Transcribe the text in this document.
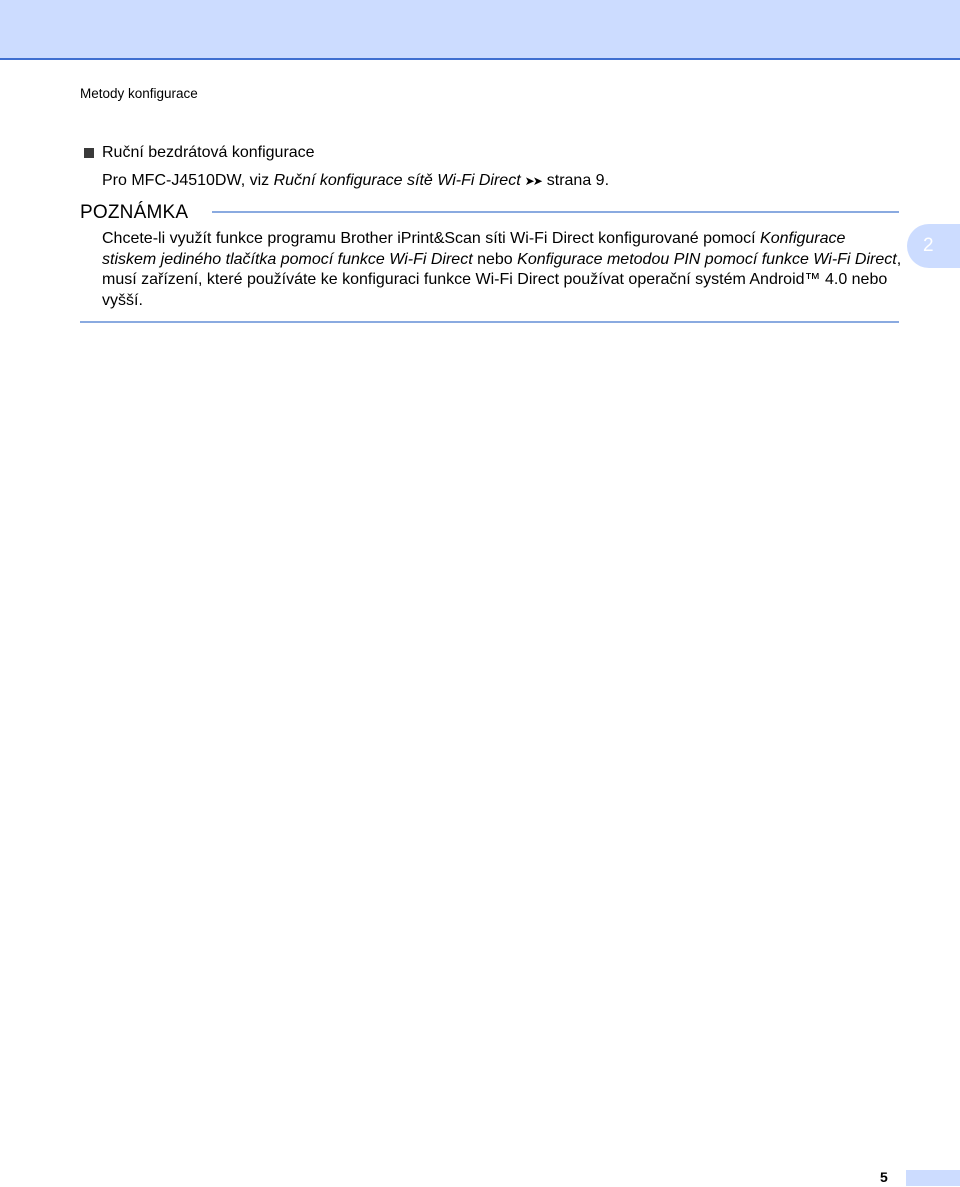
Metody konfigurace
Ruční bezdrátová konfigurace
Pro MFC-J4510DW, viz Ruční konfigurace sítě Wi-Fi Direct ➤➤ strana 9.
POZNÁMKA
Chcete-li využít funkce programu Brother iPrint&Scan síti Wi-Fi Direct konfigurované pomocí Konfigurace stiskem jediného tlačítka pomocí funkce Wi-Fi Direct nebo Konfigurace metodou PIN pomocí funkce Wi-Fi Direct, musí zařízení, které používáte ke konfiguraci funkce Wi-Fi Direct používat operační systém Android™ 4.0 nebo vyšší.
2
5
